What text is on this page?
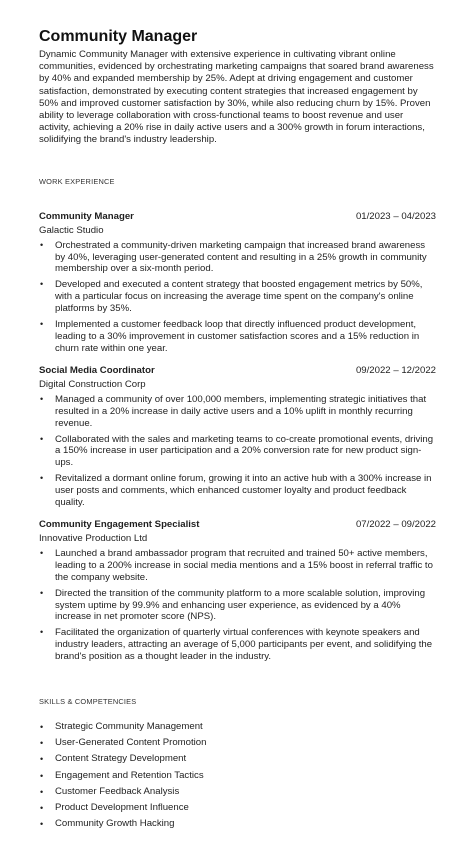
Community Manager

Dynamic Community Manager with extensive experience in cultivating vibrant online communities, evidenced by orchestrating marketing campaigns that soared brand awareness by 40% and expanded membership by 25%. Adept at driving engagement and customer satisfaction, demonstrated by executing content strategies that increased engagement by 50% and improved customer satisfaction by 30%, while also reducing churn by 15%. Proven ability to leverage collaboration with cross-functional teams to boost revenue and user activity, achieving a 20% rise in daily active users and a 300% growth in forum interactions, solidifying the brand's industry leadership.

WORK EXPERIENCE
Community Manager	01/2023 – 04/2023
Galactic Studio
• Orchestrated a community-driven marketing campaign that increased brand awareness by 40%, leveraging user-generated content and resulting in a 25% growth in community membership over a six-month period.
• Developed and executed a content strategy that boosted engagement metrics by 50%, with a particular focus on increasing the average time spent on the company's online platforms by 35%.
• Implemented a customer feedback loop that directly influenced product development, leading to a 30% improvement in customer satisfaction scores and a 15% reduction in churn rate within one year.
Social Media Coordinator	09/2022 – 12/2022
Digital Construction Corp
• Managed a community of over 100,000 members, implementing strategic initiatives that resulted in a 20% increase in daily active users and a 10% uplift in monthly recurring revenue.
• Collaborated with the sales and marketing teams to co-create promotional events, driving a 150% increase in user participation and a 20% conversion rate for new product sign-ups.
• Revitalized a dormant online forum, growing it into an active hub with a 300% increase in user posts and comments, which enhanced customer loyalty and product feedback quality.
Community Engagement Specialist	07/2022 – 09/2022
Innovative Production Ltd
• Launched a brand ambassador program that recruited and trained 50+ active members, leading to a 200% increase in social media mentions and a 15% boost in referral traffic to the company website.
• Directed the transition of the community platform to a more scalable solution, improving system uptime by 99.9% and enhancing user experience, as evidenced by a 40% increase in net promoter score (NPS).
• Facilitated the organization of quarterly virtual conferences with keynote speakers and industry leaders, attracting an average of 5,000 participants per event, and solidifying the brand's position as a thought leader in the industry.
SKILLS & COMPETENCIES
• Strategic Community Management
• User-Generated Content Promotion
• Content Strategy Development
• Engagement and Retention Tactics
• Customer Feedback Analysis
• Product Development Influence
• Community Growth Hacking
